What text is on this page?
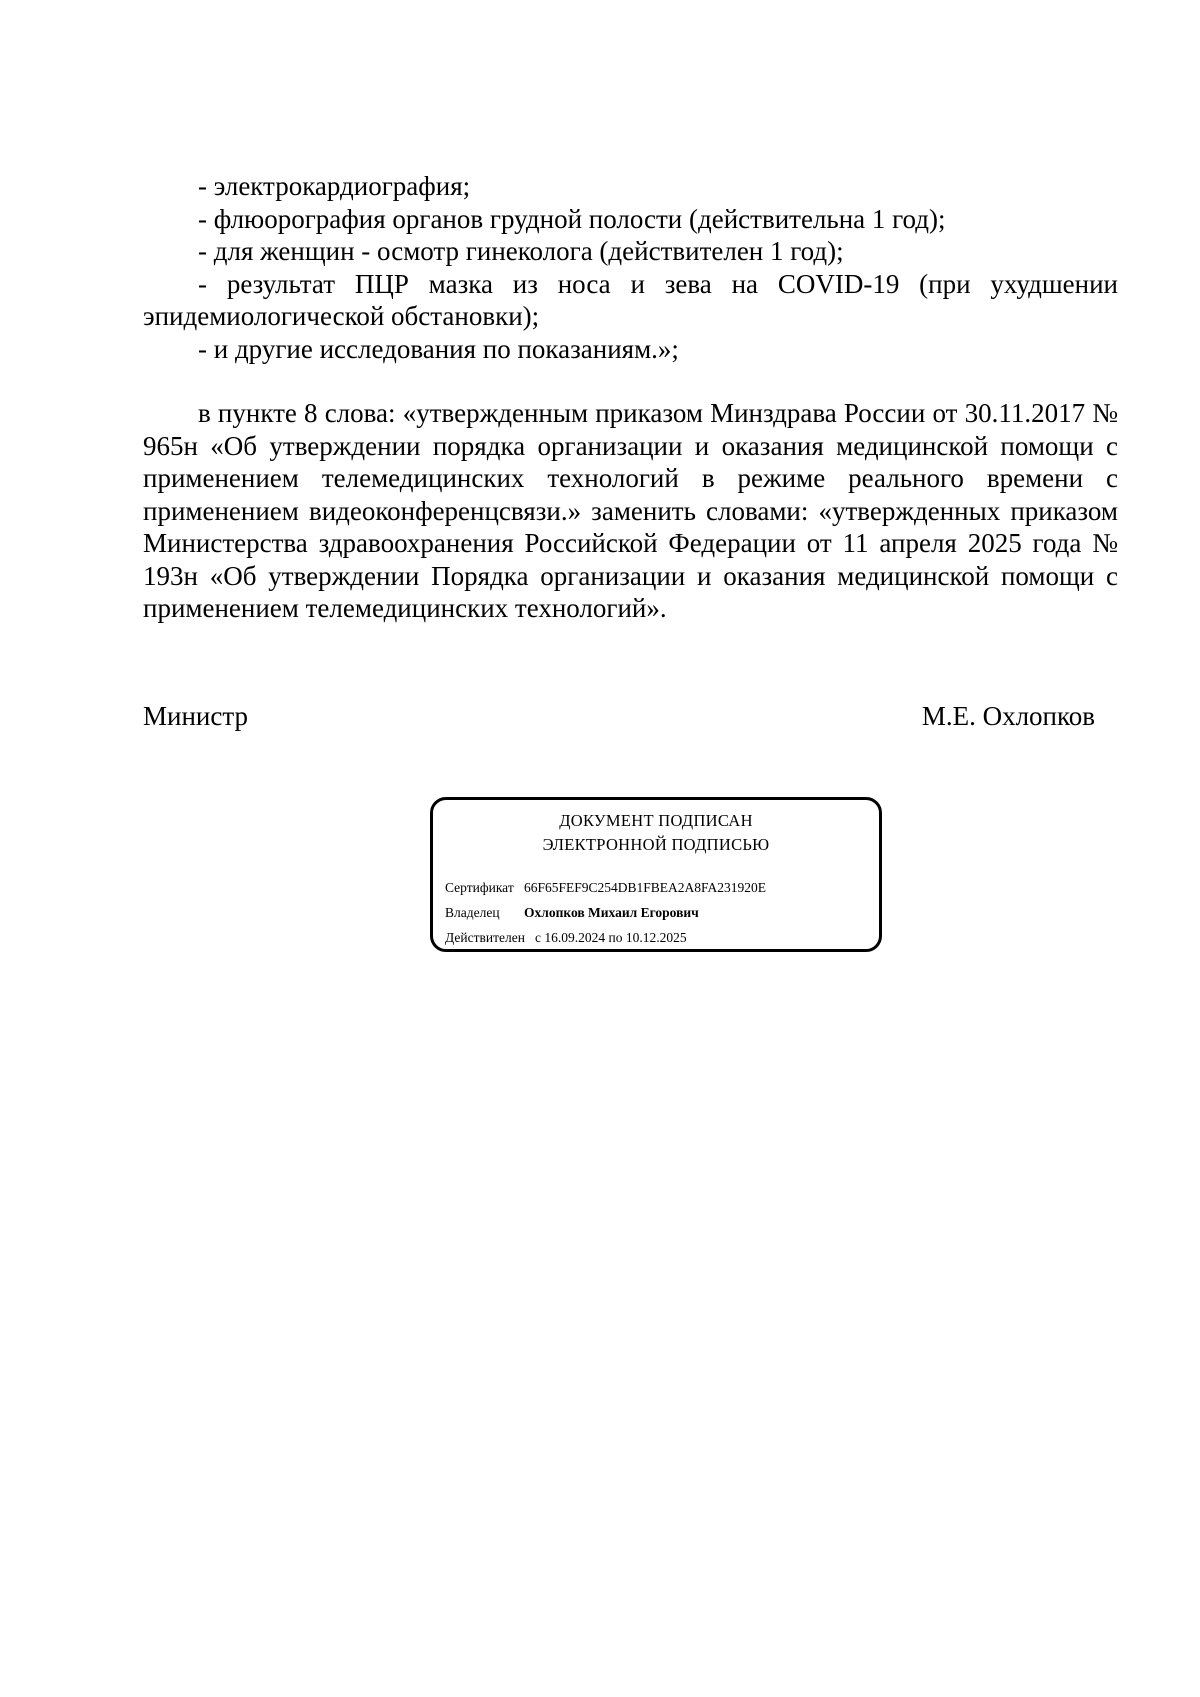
- электрокардиография;

- флюорография органов грудной полости (действительна 1 год);

- для женщин - осмотр гинеколога (действителен 1 год);

- результат ПЦР мазка из носа и зева на COVID-19 (при ухудшении эпидемиологической обстановки);

- и другие исследования по показаниям.»;

в пункте 8 слова: «утвержденным приказом Минздрава России от 30.11.2017 № 965н «Об утверждении порядка организации и оказания медицинской помощи с применением телемедицинских технологий в режиме реального времени с применением видеоконференцсвязи.» заменить словами: «утвержденных приказом Министерства здравоохранения Российской Федерации от 11 апреля 2025 года № 193н «Об утверждении Порядка организации и оказания медицинской помощи с применением телемедицинских технологий».

Министр	М.Е. Охлопков
ДОКУМЕНТ ПОДПИСАН
ЭЛЕКТРОННОЙ ПОДПИСЬЮ
Сертификат 66F65FEF9C254DB1FBEA2A8FA231920E
Владелец	Охлопков Михаил Егорович
Действителен с
16.09.2024
по
10.12.2025
